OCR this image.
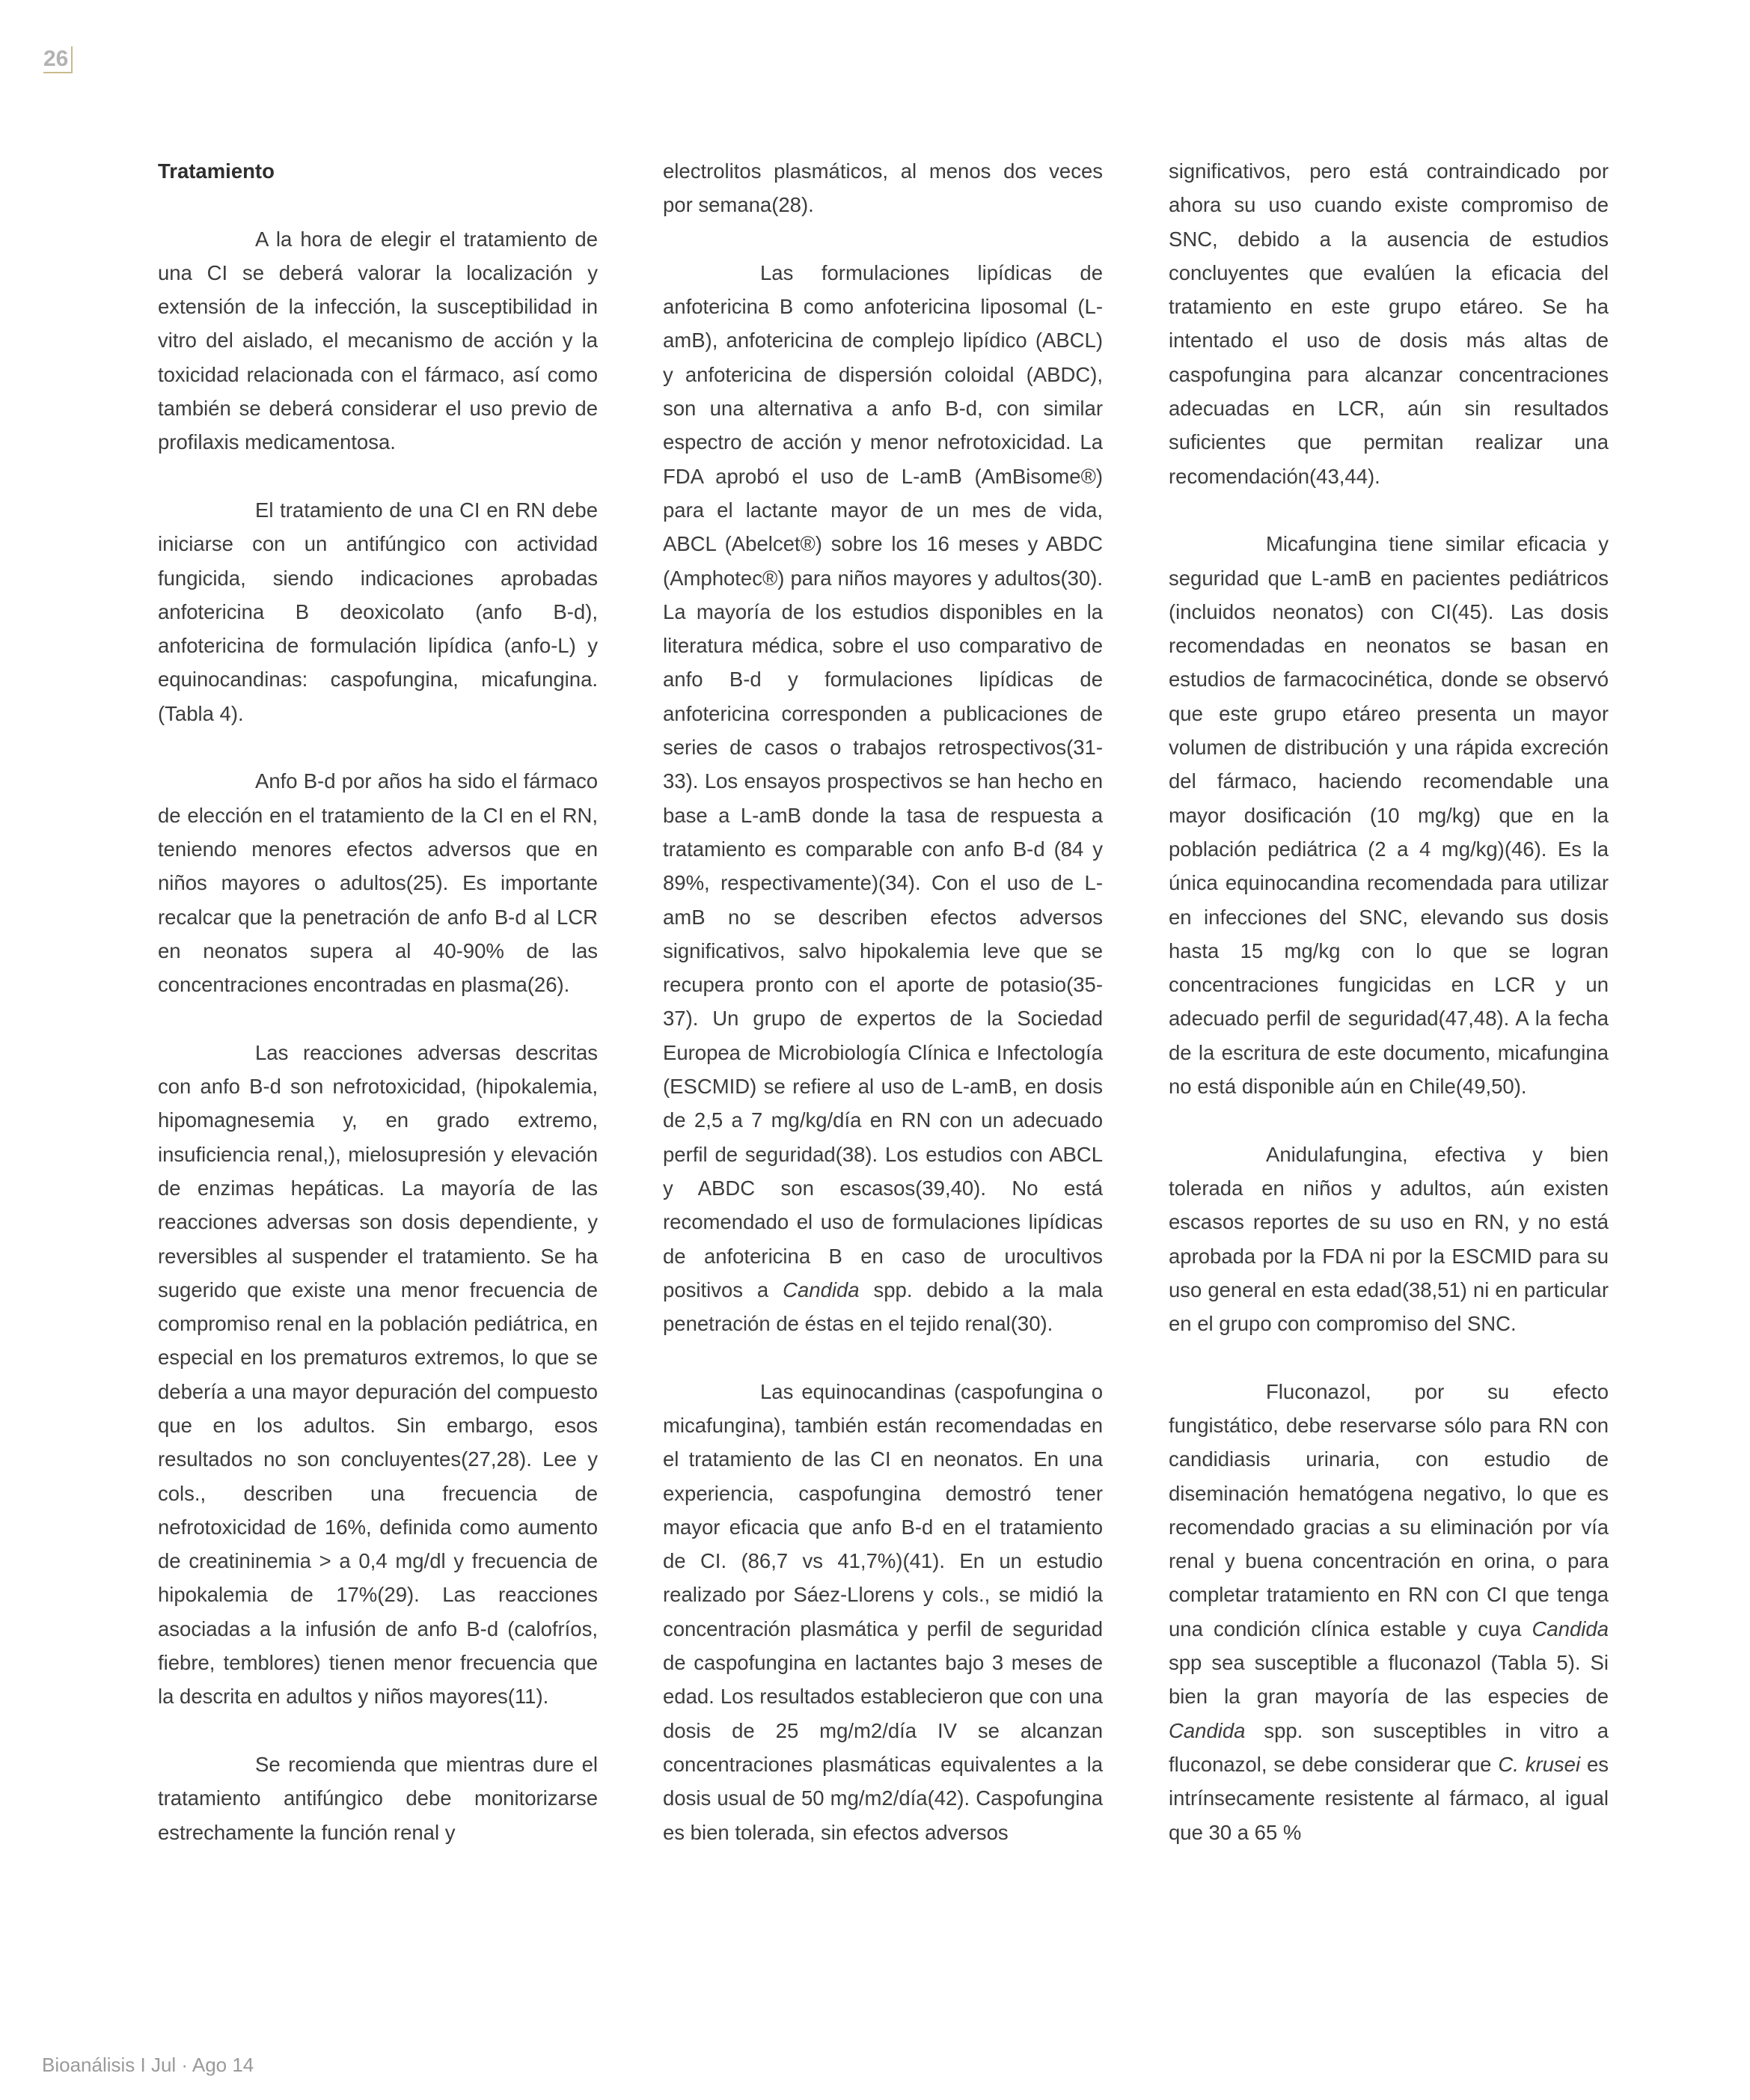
26
Tratamiento

A la hora de elegir el tratamiento de una CI se deberá valorar la localización y extensión de la infección, la susceptibilidad in vitro del aislado, el mecanismo de acción y la toxicidad relacionada con el fármaco, así como también se deberá considerar el uso previo de profilaxis medicamentosa.

El tratamiento de una CI en RN debe iniciarse con un antifúngico con actividad fungicida, siendo indicaciones aprobadas anfotericina B deoxicolato (anfo B-d), anfotericina de formulación lipídica (anfo-L) y equinocandinas: caspofungina, micafungina. (Tabla 4).

Anfo B-d por años ha sido el fármaco de elección en el tratamiento de la CI en el RN, teniendo menores efectos adversos que en niños mayores o adultos(25). Es importante recalcar que la penetración de anfo B-d al LCR en neonatos supera al 40-90% de las concentraciones encontradas en plasma(26).

Las reacciones adversas descritas con anfo B-d son nefrotoxicidad, (hipokalemia, hipomagnesemia y, en grado extremo, insuficiencia renal,), mielosupresión y elevación de enzimas hepáticas. La mayoría de las reacciones adversas son dosis dependiente, y reversibles al suspender el tratamiento. Se ha sugerido que existe una menor frecuencia de compromiso renal en la población pediátrica, en especial en los prematuros extremos, lo que se debería a una mayor depuración del compuesto que en los adultos. Sin embargo, esos resultados no son concluyentes(27,28). Lee y cols., describen una frecuencia de nefrotoxicidad de 16%, definida como aumento de creatininemia > a 0,4 mg/dl y frecuencia de hipokalemia de 17%(29). Las reacciones asociadas a la infusión de anfo B-d (calofríos, fiebre, temblores) tienen menor frecuencia que la descrita en adultos y niños mayores(11).

Se recomienda que mientras dure el tratamiento antifúngico debe monitorizarse estrechamente la función renal y

electrolitos plasmáticos, al menos dos veces por semana(28).

Las formulaciones lipídicas de anfotericina B como anfotericina liposomal (L-amB), anfotericina de complejo lipídico (ABCL) y anfotericina de dispersión coloidal (ABDC), son una alternativa a anfo B-d, con similar espectro de acción y menor nefrotoxicidad. La FDA aprobó el uso de L-amB (AmBisome®) para el lactante mayor de un mes de vida, ABCL (Abelcet®) sobre los 16 meses y ABDC (Amphotec®) para niños mayores y adultos(30). La mayoría de los estudios disponibles en la literatura médica, sobre el uso comparativo de anfo B-d y formulaciones lipídicas de anfotericina corresponden a publicaciones de series de casos o trabajos retrospectivos(31-33). Los ensayos prospectivos se han hecho en base a L-amB donde la tasa de respuesta a tratamiento es comparable con anfo B-d (84 y 89%, respectivamente)(34). Con el uso de L-amB no se describen efectos adversos significativos, salvo hipokalemia leve que se recupera pronto con el aporte de potasio(35-37). Un grupo de expertos de la Sociedad Europea de Microbiología Clínica e Infectología (ESCMID) se refiere al uso de L-amB, en dosis de 2,5 a 7 mg/kg/día en RN con un adecuado perfil de seguridad(38). Los estudios con ABCL y ABDC son escasos(39,40). No está recomendado el uso de formulaciones lipídicas de anfotericina B en caso de urocultivos positivos a Candida spp. debido a la mala penetración de éstas en el tejido renal(30).

Las equinocandinas (caspofungina o micafungina), también están recomendadas en el tratamiento de las CI en neonatos. En una experiencia, caspofungina demostró tener mayor eficacia que anfo B-d en el tratamiento de CI. (86,7 vs 41,7%)(41). En un estudio realizado por Sáez-Llorens y cols., se midió la concentración plasmática y perfil de seguridad de caspofungina en lactantes bajo 3 meses de edad. Los resultados establecieron que con una dosis de 25 mg/m2/día IV se alcanzan concentraciones plasmáticas equivalentes a la dosis usual de 50 mg/m2/día(42). Caspofungina es bien tolerada, sin efectos adversos

significativos, pero está contraindicado por ahora su uso cuando existe compromiso de SNC, debido a la ausencia de estudios concluyentes que evalúen la eficacia del tratamiento en este grupo etáreo. Se ha intentado el uso de dosis más altas de caspofungina para alcanzar concentraciones adecuadas en LCR, aún sin resultados suficientes que permitan realizar una recomendación(43,44).

Micafungina tiene similar eficacia y seguridad que L-amB en pacientes pediátricos (incluidos neonatos) con CI(45). Las dosis recomendadas en neonatos se basan en estudios de farmacocinética, donde se observó que este grupo etáreo presenta un mayor volumen de distribución y una rápida excreción del fármaco, haciendo recomendable una mayor dosificación (10 mg/kg) que en la población pediátrica (2 a 4 mg/kg)(46). Es la única equinocandina recomendada para utilizar en infecciones del SNC, elevando sus dosis hasta 15 mg/kg con lo que se logran concentraciones fungicidas en LCR y un adecuado perfil de seguridad(47,48). A la fecha de la escritura de este documento, micafungina no está disponible aún en Chile(49,50).

Anidulafungina, efectiva y bien tolerada en niños y adultos, aún existen escasos reportes de su uso en RN, y no está aprobada por la FDA ni por la ESCMID para su uso general en esta edad(38,51) ni en particular en el grupo con compromiso del SNC.

Fluconazol, por su efecto fungistático, debe reservarse sólo para RN con candidiasis urinaria, con estudio de diseminación hematógena negativo, lo que es recomendado gracias a su eliminación por vía renal y buena concentración en orina, o para completar tratamiento en RN con CI que tenga una condición clínica estable y cuya Candida spp sea susceptible a fluconazol (Tabla 5). Si bien la gran mayoría de las especies de Candida spp. son susceptibles in vitro a fluconazol, se debe considerar que C. krusei es intrínsecamente resistente al fármaco, al igual que 30 a 65 %

Bioanálisis I Jul · Ago 14
